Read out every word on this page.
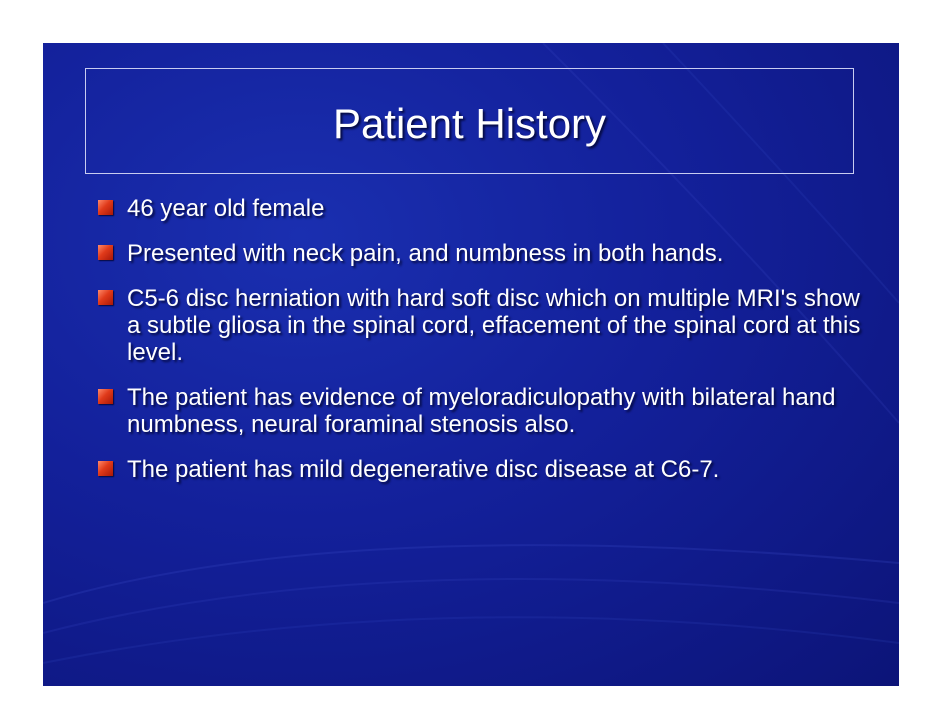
Patient History
46 year old female
Presented with neck pain, and numbness in both hands.
C5-6 disc herniation with hard soft disc which on multiple MRI's show a subtle gliosa in the spinal cord, effacement of the spinal cord at this level.
The patient has evidence of myeloradiculopathy with bilateral hand numbness, neural foraminal stenosis also.
The patient has mild degenerative disc disease at C6-7.
